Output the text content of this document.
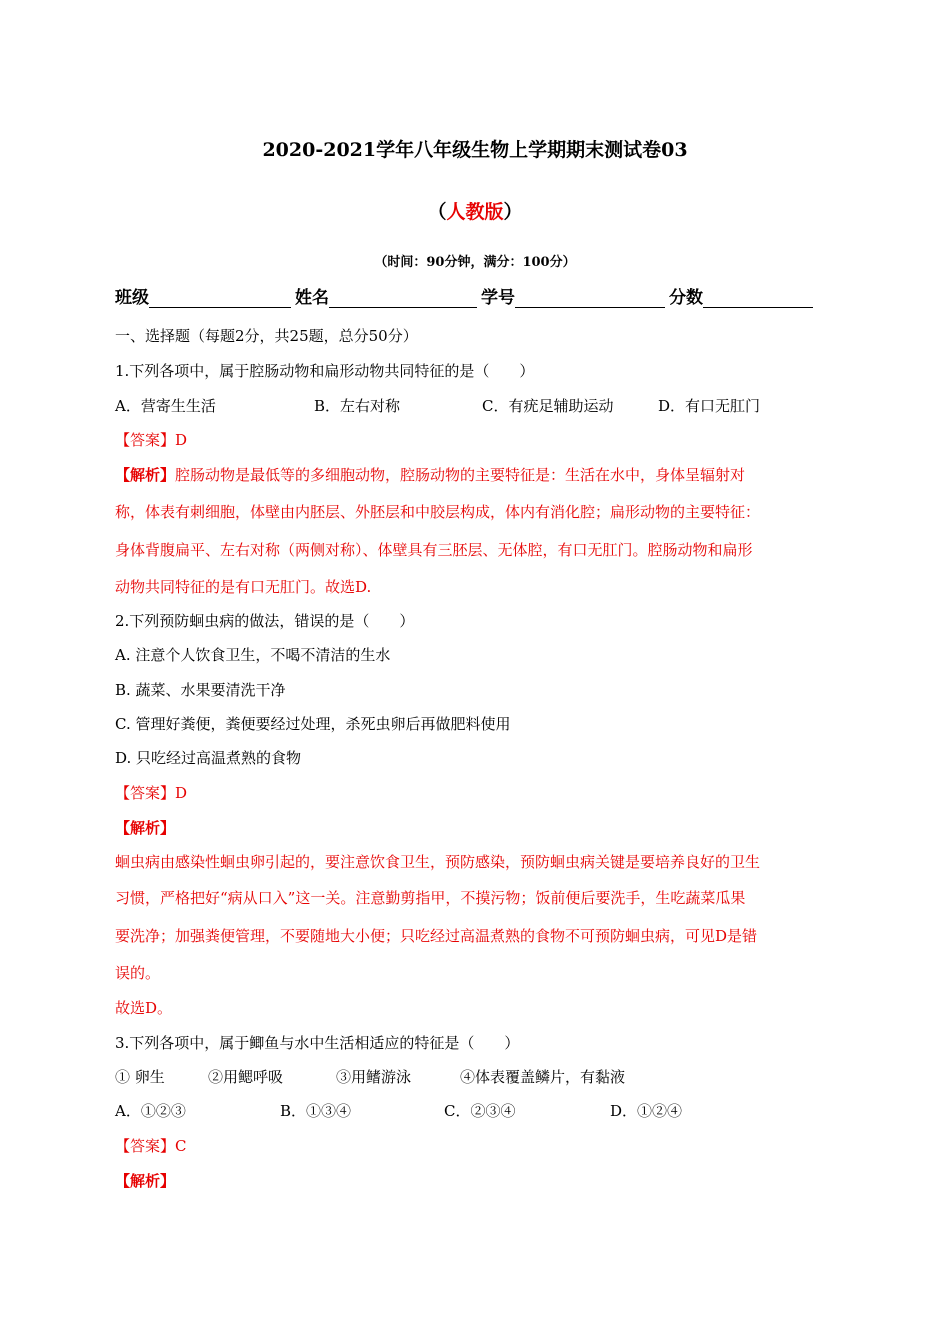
2020-2021学年八年级生物上学期期末测试卷03
（人教版）
（时间：90分钟，满分：100分）
班级	姓名	学号	分数
一、选择题（每题2分，共25题，总分50分）
1.下列各项中，属于腔肠动物和扁形动物共同特征的是（　　）
A．营寄生生活	B．左右对称	C．有疣足辅助运动	D．有口无肛门
【答案】D
【解析】腔肠动物是最低等的多细胞动物，腔肠动物的主要特征是：生活在水中，身体呈辐射对
称，体表有刺细胞，体壁由内胚层、外胚层和中胶层构成，体内有消化腔；扁形动物的主要特征：
身体背腹扁平、左右对称（两侧对称）、体壁具有三胚层、无体腔，有口无肛门。腔肠动物和扁形
动物共同特征的是有口无肛门。故选D.
2.下列预防蛔虫病的做法，错误的是（　　）
A. 注意个人饮食卫生，不喝不清洁的生水
B. 蔬菜、水果要清洗干净
C. 管理好粪便，粪便要经过处理，杀死虫卵后再做肥料使用
D. 只吃经过高温煮熟的食物
【答案】D
【解析】
蛔虫病由感染性蛔虫卵引起的，要注意饮食卫生，预防感染，预防蛔虫病关键是要培养良好的卫生
习惯，严格把好“病从口入”这一关。注意勤剪指甲，不摸污物；饭前便后要洗手，生吃蔬菜瓜果
要洗净；加强粪便管理，不要随地大小便；只吃经过高温煮熟的食物不可预防蛔虫病，可见D是错
误的。
故选D。
3.下列各项中，属于鲫鱼与水中生活相适应的特征是（　　）
① 卵生	②用鳃呼吸	③用鳍游泳	④体表覆盖鳞片，有黏液
A．①②③	B．①③④	C．②③④	D．①②④
【答案】C
【解析】
